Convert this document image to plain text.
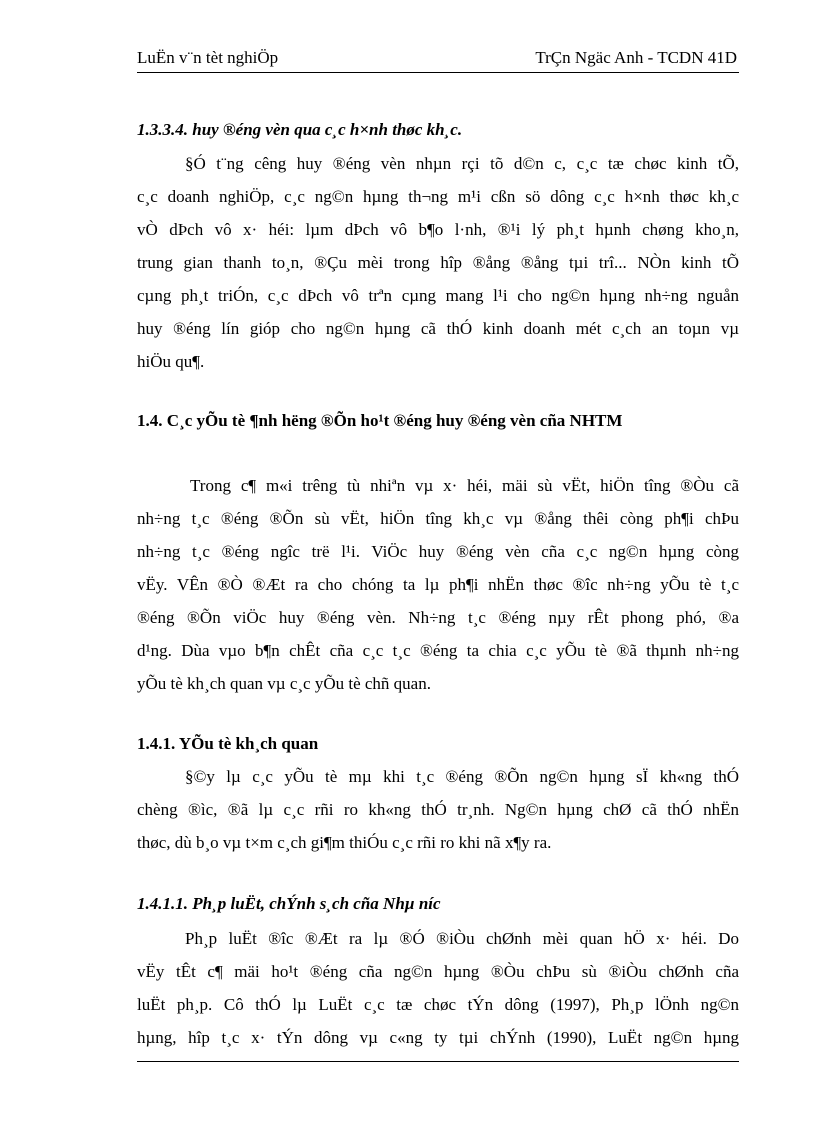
LuËn v¨n tèt nghiÖp	TrÇn Ngäc Anh - TCDN 41D
1.3.3.4. huy ®éng vèn qua c¸c h×nh thøc kh¸c.
§Ó t¨ng cêng huy ®éng vèn nhµn rçi tõ d©n c, c¸c tæ chøc kinh tÕ,
c¸c doanh nghiÖp, c¸c ng©n hµng th¬ng m¹i cßn sö dông c¸c h×nh thøc kh¸c
vÒ dÞch vô x· héi: lµm dÞch vô b¶o l·nh, ®¹i lý ph¸t hµnh chøng kho¸n,
trung gian thanh to¸n, ®Çu mèi trong hîp ®ång ®ång tµi trî... NÒn kinh tÕ
cµng ph¸t triÓn, c¸c dÞch vô trªn cµng mang l¹i cho ng©n hµng nh÷ng nguån
huy ®éng lín gióp cho ng©n hµng cã thÓ kinh doanh mét c¸ch an toµn vµ
hiÖu qu¶.
1.4. C¸c yÕu tè ¶nh hëng ®Õn ho¹t ®éng huy ®éng vèn cña NHTM
Trong c¶ m«i trêng tù nhiªn vµ x· héi, mäi sù vËt, hiÖn tîng ®Òu cã
nh÷ng t¸c ®éng ®Õn sù vËt, hiÖn tîng kh¸c vµ ®ång thêi còng ph¶i chÞu
nh÷ng t¸c ®éng ngîc trë l¹i. ViÖc huy ®éng vèn cña c¸c ng©n hµng còng
vËy. VÊn ®Ò ®Æt ra cho chóng ta lµ ph¶i nhËn thøc ®îc nh÷ng yÕu tè t¸c
®éng ®Õn viÖc huy ®éng vèn. Nh÷ng t¸c ®éng nµy rÊt phong phó, ®a
d¹ng. Dùa vµo b¶n chÊt cña c¸c t¸c ®éng ta chia c¸c yÕu tè ®ã thµnh nh÷ng
yÕu tè kh¸ch quan vµ c¸c yÕu tè chñ quan.
1.4.1. YÕu tè kh¸ch quan
§©y lµ c¸c yÕu tè mµ khi t¸c ®éng ®Õn ng©n hµng sÏ kh«ng thÓ
chèng ®ìc, ®ã lµ c¸c rñi ro kh«ng thÓ tr¸nh. Ng©n hµng chØ cã thÓ nhËn
thøc, dù b¸o vµ t×m c¸ch gi¶m thiÓu c¸c rñi ro khi nã x¶y ra.
1.4.1.1. Ph¸p luËt, chÝnh s¸ch cña Nhµ níc
Ph¸p luËt ®îc ®Æt ra lµ ®Ó ®iÒu chØnh mèi quan hÖ x· héi. Do
vËy tÊt c¶ mäi ho¹t ®éng cña ng©n hµng ®Òu chÞu sù ®iÒu chØnh cña
luËt ph¸p. Cô thÓ lµ LuËt c¸c tæ chøc tÝn dông (1997), Ph¸p lÖnh ng©n
hµng, hîp t¸c x· tÝn dông vµ c«ng ty tµi chÝnh (1990), LuËt ng©n hµng
